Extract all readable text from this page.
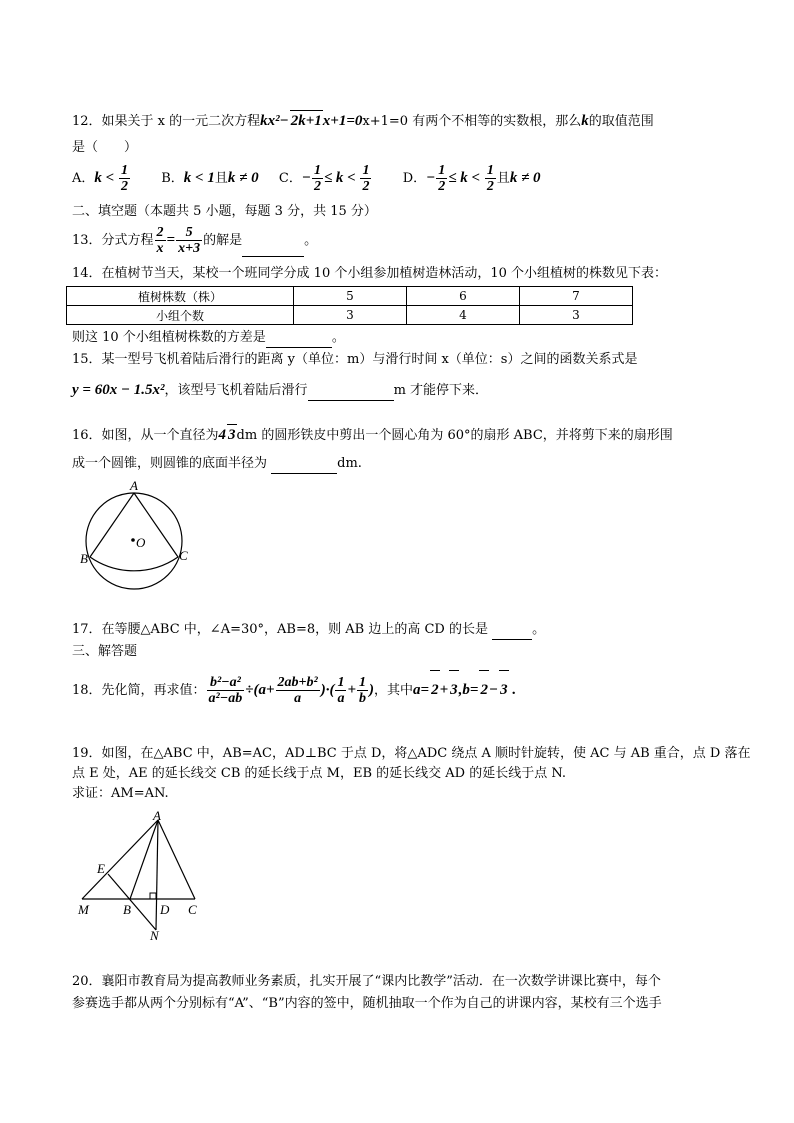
12．如果关于 x 的一元二次方程kx²− 2k+1x+1=0x+1=0 有两个不相等的实数根，那么k的取值范围
是（　　）
A．$k < \frac{1}{2}$ B．k < 1且k ≠ 0 C．− $\frac{1}{2} \le k < \frac{1}{2}$ D．− $\frac{1}{2} \le k < \frac{1}{2}$ 且k ≠ 0
二、填空题（本题共 5 小题，每题 3 分，共 15 分）
13．分式方程 $\frac{2}{x} = \frac{5}{x+3}$ 的解是	。
14．在植树节当天，某校一个班同学分成 10 个小组参加植树造林活动，10 个小组植树的株数见下表：
植树株数（株）	5	6	7
小组个数	3	4	3
则这 10 个小组植树株数的方差是	。
15．某一型号飞机着陆后滑行的距离 y（单位：m）与滑行时间 x（单位：s）之间的函数关系式是
y = 60x − 1.5x²，该型号飞机着陆后滑行	m 才能停下来．
16．如图，从一个直径为4 3dm 的圆形铁皮中剪出一个圆心角为 60°的扇形 ABC，并将剪下来的扇形围
成一个圆锥，则圆锥的底面半径为	dm.
A
B	C
O
17．在等腰△ABC 中，∠A=30°，AB=8，则 AB 边上的高 CD 的长是	。
三、解答题
18．先化简，再求值： $\frac{\text{b²−a²}}{\text{a²−ab}} \div(a+ \frac{\text{2ab+b²}}{a}$ )·( $\frac{1}{a} + \frac{1}{b}$ )，其中a= 2+ 3,b= 2− 3 .
19．如图，在△ABC 中，AB=AC，AD⊥BC 于点 D，将△ADC 绕点 A 顺时针旋转，使 AC 与 AB 重合，点 D 落在
点 E 处，AE 的延长线交 CB 的延长线于点 M，EB 的延长线交 AD 的延长线于点 N.
求证：AM=AN.
A
E
M	B D C
N
20．襄阳市教育局为提高教师业务素质，扎实开展了“课内比教学”活动．在一次数学讲课比赛中，每个
参赛选手都从两个分别标有“A”、“B”内容的签中，随机抽取一个作为自己的讲课内容，某校有三个选手
